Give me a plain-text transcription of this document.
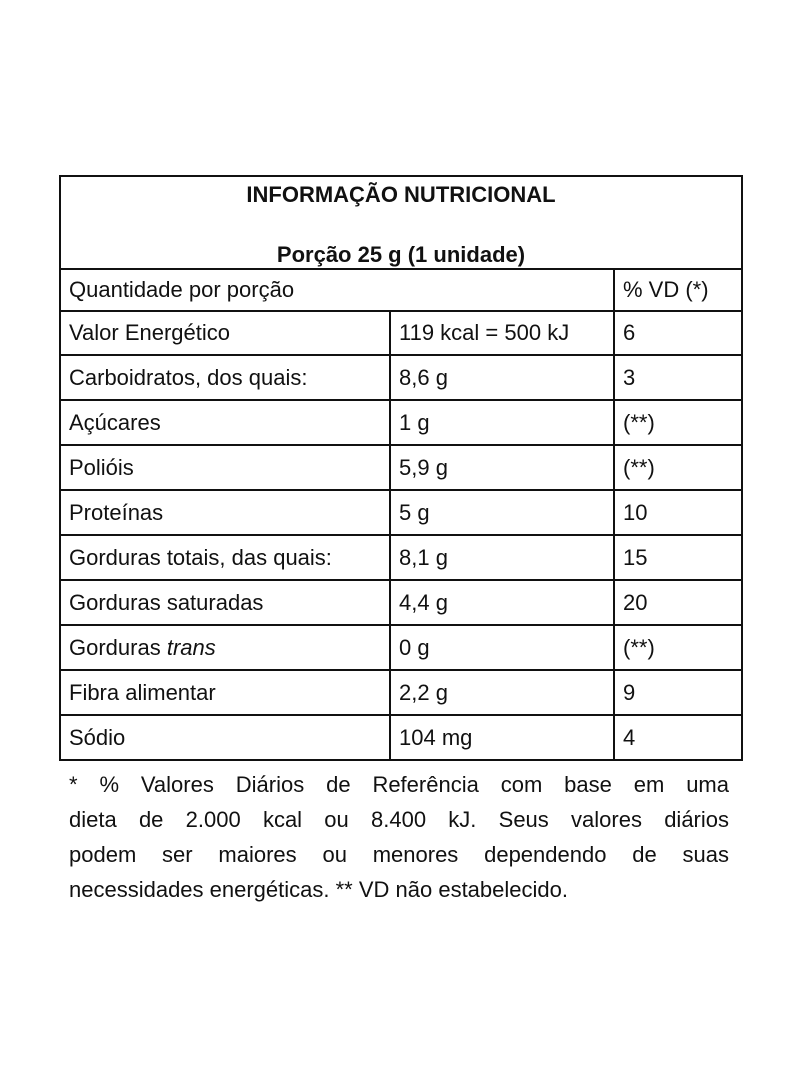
INFORMAÇÃO NUTRICIONAL
Porção 25 g (1 unidade)		

Quantidade por porção		% VD (*)
Valor Energético	119 kcal = 500 kJ	6
Carboidratos, dos quais:	8,6 g	3
Açúcares	1 g	(**)
Polióis	5,9 g	(**)
Proteínas	5 g	10
Gorduras totais, das quais:	8,1 g	15
Gorduras saturadas	4,4 g	20
Gorduras trans	0 g	(**)
Fibra alimentar	2,2 g	9
Sódio	104 mg	4
* % Valores Diários de Referência com base em uma
dieta de 2.000 kcal ou 8.400 kJ. Seus valores diários
podem ser maiores ou menores dependendo de suas
necessidades energéticas. ** VD não estabelecido.
